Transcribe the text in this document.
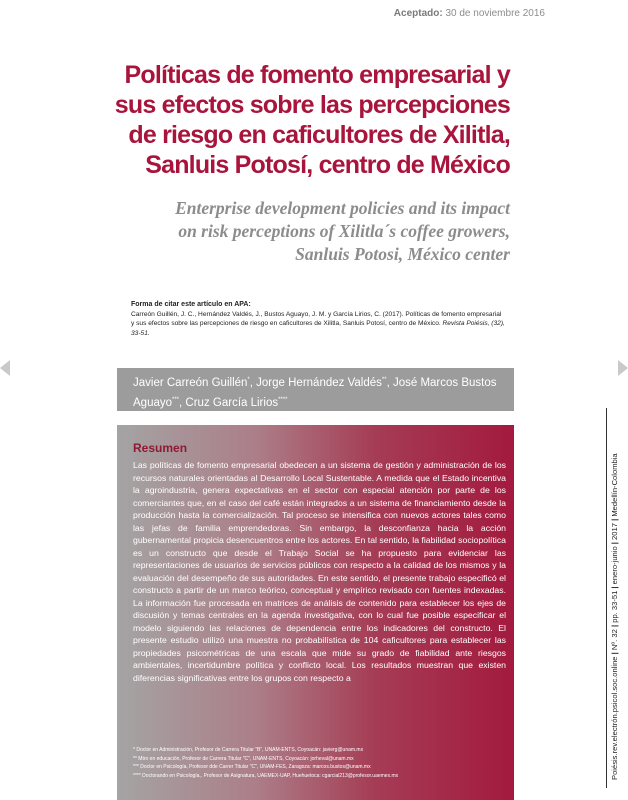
Aceptado: 30 de noviembre 2016
Políticas de fomento empresarial y
sus efectos sobre las percepciones
de riesgo en caficultores de Xilitla,
Sanluis Potosí, centro de México
Enterprise development policies and its impact
on risk perceptions of Xilitla´s coffee growers,
Sanluis Potosi, México center
Forma de citar este artículo en APA:
Carreón Guillén, J. C., Hernández Valdés, J., Bustos Aguayo, J. M. y García Lirios, C. (2017). Políticas de fomento empresarial y sus efectos sobre las percepciones de riesgo en caficultores de Xilitla, Sanluis Potosí, centro de México. Revista Poiésis, (32), 33-51.
Javier Carreón Guillén*, Jorge Hernández Valdés**, José Marcos Bustos Aguayo***, Cruz García Lirios****
Resumen
Las políticas de fomento empresarial obedecen a un sistema de gestión y administración de los recursos naturales orientadas al Desarrollo Local Sustentable. A medida que el Estado incentiva la agroindustria, genera expectativas en el sector con especial atención por parte de los comerciantes que, en el caso del café están integrados a un sistema de financiamiento desde la producción hasta la comercialización. Tal proceso se intensifica con nuevos actores tales como las jefas de familia emprendedoras. Sin embargo, la desconfianza hacia la acción gubernamental propicia desencuentros entre los actores. En tal sentido, la fiabilidad sociopolítica es un constructo que desde el Trabajo Social se ha propuesto para evidenciar las representaciones de usuarios de servicios públicos con respecto a la calidad de los mismos y la evaluación del desempeño de sus autoridades. En este sentido, el presente trabajo especificó el constructo a partir de un marco teórico, conceptual y empírico revisado con fuentes indexadas. La información fue procesada en matrices de análisis de contenido para establecer los ejes de discusión y temas centrales en la agenda investigativa, con lo cual fue posible especificar el modelo siguiendo las relaciones de dependencia entre los indicadores del constructo. El presente estudio utilizó una muestra no probabilística de 104 caficultores para establecer las propiedades psicométricas de una escala que mide su grado de fiabilidad ante riesgos ambientales, incertidumbre política y conflicto local. Los resultados muestran que existen diferencias significativas entre los grupos con respecto a
* Doctor en Administración, Profesor de Carrera Titular "B", UNAM-ENTS, Coyoacán: javierg@unam.mx
** Mtro en educación, Profesor de Carrera Titular "C", UNAM-ENTS, Coyoacán: jorheval@unam.mx
*** Doctor en Psicología, Profesor dde Carrer Titular "C", UNAM-FES, Zaragoza: marcos.bustos@unam.mx
**** Doctorando en Psicología,. Profesor de Asignatura, UAEMEX-UAP, Huehuetoca: cgarcial213@profesor.uaemex.mx	Poiésis.rev.electrón.psicol.soc.online | Nº. 32 | pp. 33-51 | enero-junio | 2017 | Medellín-Colombia
